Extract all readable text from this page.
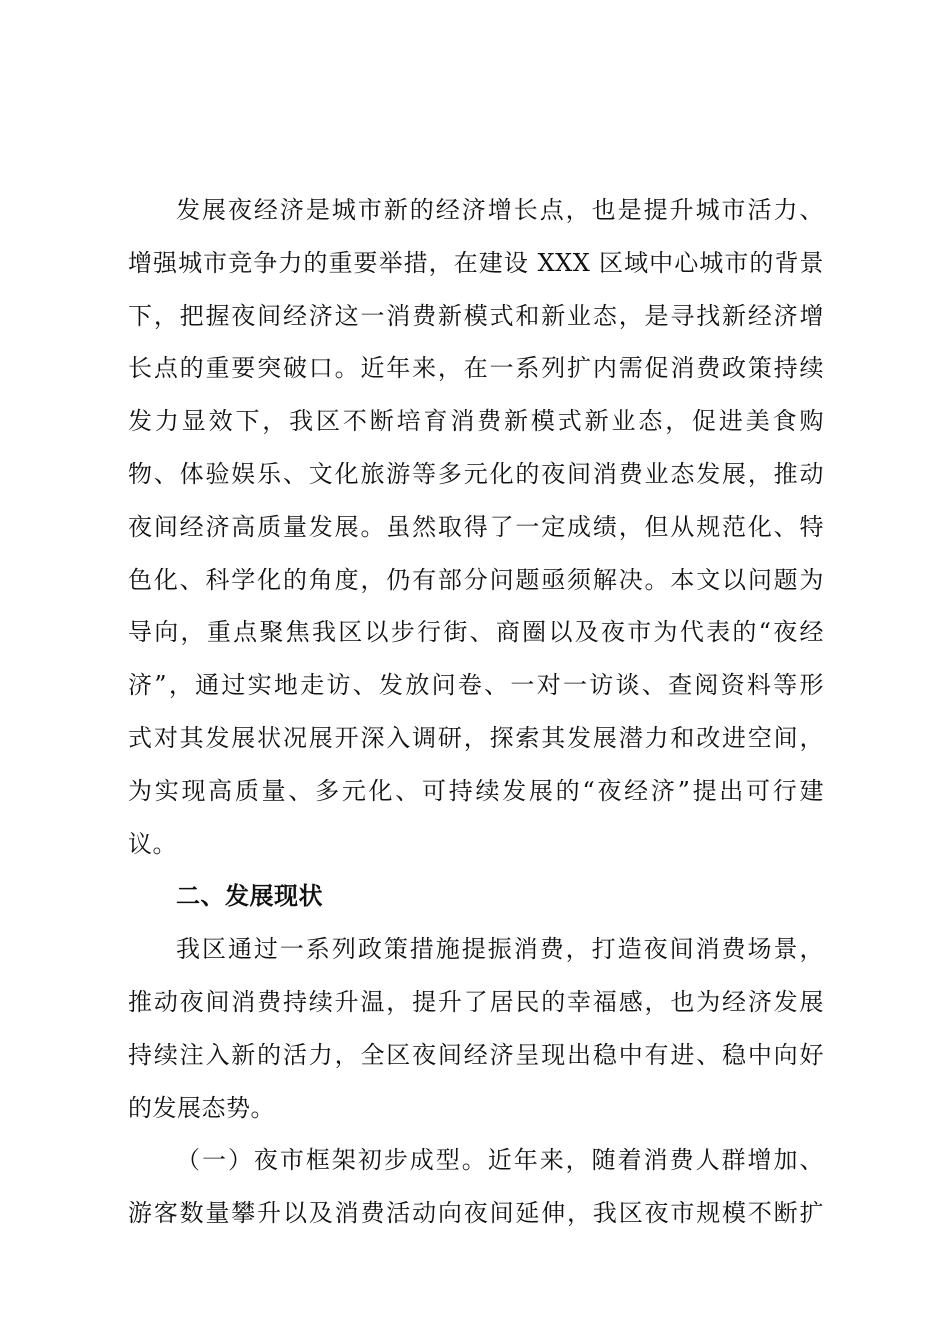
发展夜经济是城市新的经济增长点，也是提升城市活力、
增强城市竞争力的重要举措，在建设 XXX 区域中心城市的背景
下，把握夜间经济这一消费新模式和新业态，是寻找新经济增
长点的重要突破口。近年来，在一系列扩内需促消费政策持续
发力显效下，我区不断培育消费新模式新业态，促进美食购
物、体验娱乐、文化旅游等多元化的夜间消费业态发展，推动
夜间经济高质量发展。虽然取得了一定成绩，但从规范化、特
色化、科学化的角度，仍有部分问题亟须解决。本文以问题为
导向，重点聚焦我区以步行街、商圈以及夜市为代表的“夜经
济”，通过实地走访、发放问卷、一对一访谈、查阅资料等形
式对其发展状况展开深入调研，探索其发展潜力和改进空间，
为实现高质量、多元化、可持续发展的“夜经济”提出可行建
议。
二、发展现状
我区通过一系列政策措施提振消费，打造夜间消费场景，
推动夜间消费持续升温，提升了居民的幸福感，也为经济发展
持续注入新的活力，全区夜间经济呈现出稳中有进、稳中向好
的发展态势。
（一）夜市框架初步成型。近年来，随着消费人群增加、
游客数量攀升以及消费活动向夜间延伸，我区夜市规模不断扩
